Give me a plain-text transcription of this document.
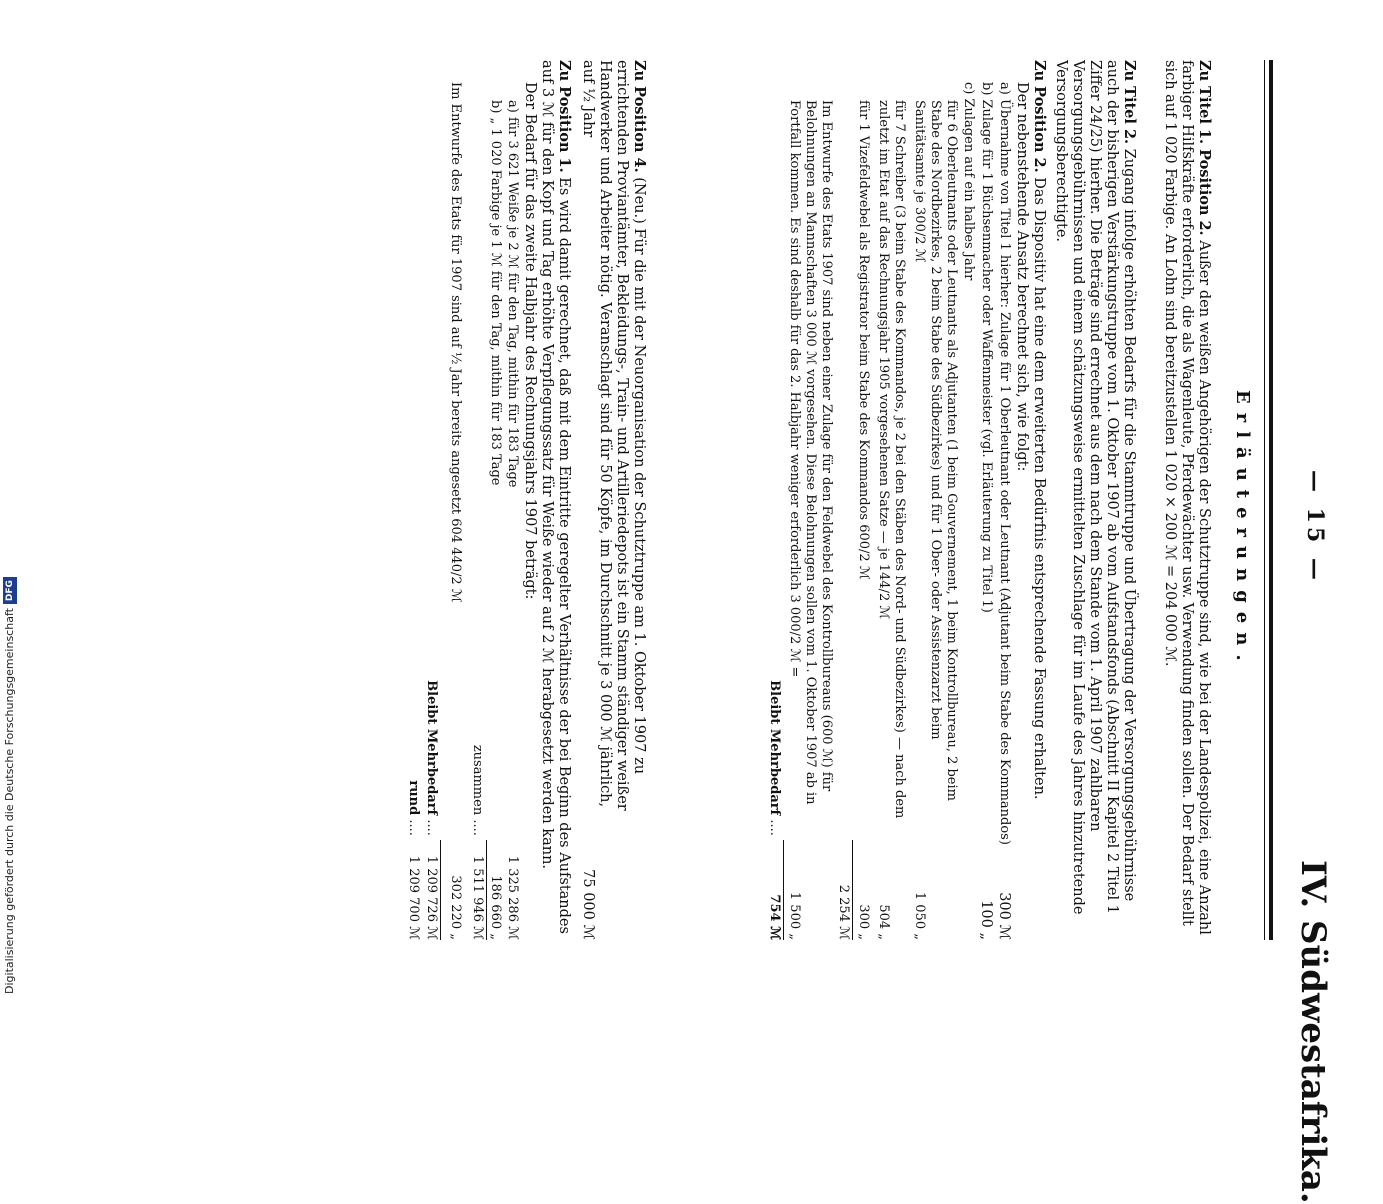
— 15 —
IV. Südwestafrika.
Erläuterungen.

Zu Titel 1. Position 2. Außer den weißen Angehörigen der Schutztruppe sind, wie bei der Landespolizei, eine Anzahl farbiger Hilfskräfte erforderlich, die als Wagenleute, Pferdewächter usw. Verwendung finden sollen. Der Bedarf stellt sich auf 1 020 Farbige. An Lohn sind bereitzustellen 1 020 × 200 ℳ = 204 000 ℳ.

Zu Titel 2. Zugang infolge erhöhten Bedarfs für die Stammtruppe und Übertragung der Versorgungsgebührnisse auch der bisherigen Verstärkungstruppe vom 1. Oktober 1907 ab vom Aufstandsfonds (Abschnitt II Kapitel 2 Titel 1 Ziffer 24/25) hierher. Die Beträge sind errechnet aus dem nach dem Stande vom 1. April 1907 zahlbaren Versorgungsgebührnissen und einem schätzungsweise ermittelten Zuschlage für im Laufe des Jahres hinzutretende Versorgungsberechtigte.

Zu Position 2. Das Dispositiv hat eine dem erweiterten Bedürfnis entsprechende Fassung erhalten.

Der nebenstehende Ansatz berechnet sich, wie folgt:

a) Übernahme von Titel 1 hierher: Zulage für 1 Oberleutnant oder Leutnant (Adjutant beim Stabe des Kommandos)
300 ℳ
b) Zulage für 1 Büchsenmacher oder Waffenmeister (vgl. Erläuterung zu Titel 1)
100 „
c) Zulagen auf ein halbes Jahr
für 6 Oberleutnants oder Leutnants als Adjutanten (1 beim Gouvernement, 1 beim Kontrollbureau, 2 beim Stabe des Nordbezirkes, 2 beim Stabe des Südbezirkes) und für 1 Ober- oder Assistenzarzt beim Sanitätsamte je 300/2 ℳ
1 050 „
für 7 Schreiber (3 beim Stabe des Kommandos, je 2 bei den Stäben des Nord- und Südbezirkes) — nach dem zuletzt im Etat auf das Rechnungsjahr 1905 vorgesehenen Satze — je 144/2 ℳ
504 „
für 1 Vizefeldwebel als Registrator beim Stabe des Kommandos 600/2 ℳ
300 „
2 254 ℳ
Im Entwurfe des Etats 1907 sind neben einer Zulage für den Feldwebel des Kontrollbureaus (600 ℳ) für Belohnungen an Mannschaften 3 000 ℳ vorgesehen. Diese Belohnungen sollen vom 1. Oktober 1907 ab in Fortfall kommen. Es sind deshalb für das 2. Halbjahr weniger erforderlich 3 000/2 ℳ =
1 500 „
Bleibt Mehrbedarf .... 754 ℳ
Zu Position 4. (Neu.) Für die mit der Neuorganisation der Schutztruppe am 1. Oktober 1907 zu errichtenden Proviantämter, Bekleidungs-, Train- und Artilleriedepots ist ein Stamm ständiger weißer Handwerker und Arbeiter nötig. Veranschlagt sind für 50 Köpfe, im Durchschnitt je 3 000 ℳ jährlich, auf ½ Jahr
75 000 ℳ

Zu Position 1. Es wird damit gerechnet, daß mit dem Eintritte geregelter Verhältnisse der bei Beginn des Aufstandes auf 3 ℳ für den Kopf und Tag erhöhte Verpflegungssatz für Weiße wieder auf 2 ℳ herabgesetzt werden kann.

Der Bedarf für das zweite Halbjahr des Rechnungsjahrs 1907 beträgt:

a) für 3 621 Weiße je 2 ℳ für den Tag, mithin für 183 Tage
1 325 286 ℳ
b) „ 1 020 Farbige je 1 ℳ für den Tag, mithin für 183 Tage
186 660 „
zusammen .... 1 511 946 ℳ
Im Entwurfe des Etats für 1907 sind auf ½ Jahr bereits angesetzt 604 440/2 ℳ
302 220 „
Bleibt Mehrbedarf .... 1 209 726 ℳ
rund .... 1 209 700 ℳ
Digitalisierung gefördert durch die Deutsche Forschungsgemeinschaft
DFG
